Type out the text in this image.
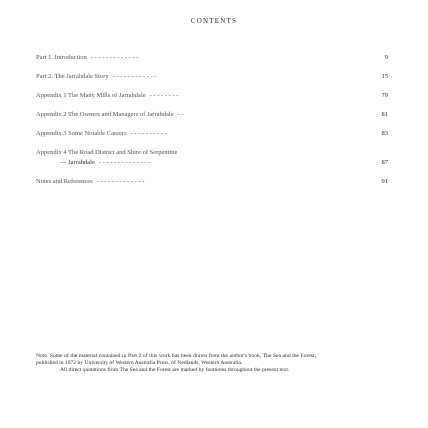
CONTENTS
Part 1. Introduction - - - - - - - - - - - - -	9
Part 2. The Jarrahdale Story - - - - - - - - - - - -	15
Appendix 1 The Many Mills of Jarrahdale - - - - - - - -	79
Appendix 2 The Owners and Managers of Jarrahdale - -	81
Appendix 3 Some Notable Careers - - - - - - - - - -	83
Appendix 4 The Road District and Shire of Serpentine
— Jarrahdale - - - - - - - - - - - - - -	87
Notes and References - - - - - - - - - - - - -	91

Note. Some of the material contained in Part 2 of this work has been drawn from the author's book, The Sea and the Forest, published in 1972 by University of Western Australia Press, of Nedlands, Western Australia.

All direct quotations from The Sea and the Forest are marked by footnotes throughout the present text.
